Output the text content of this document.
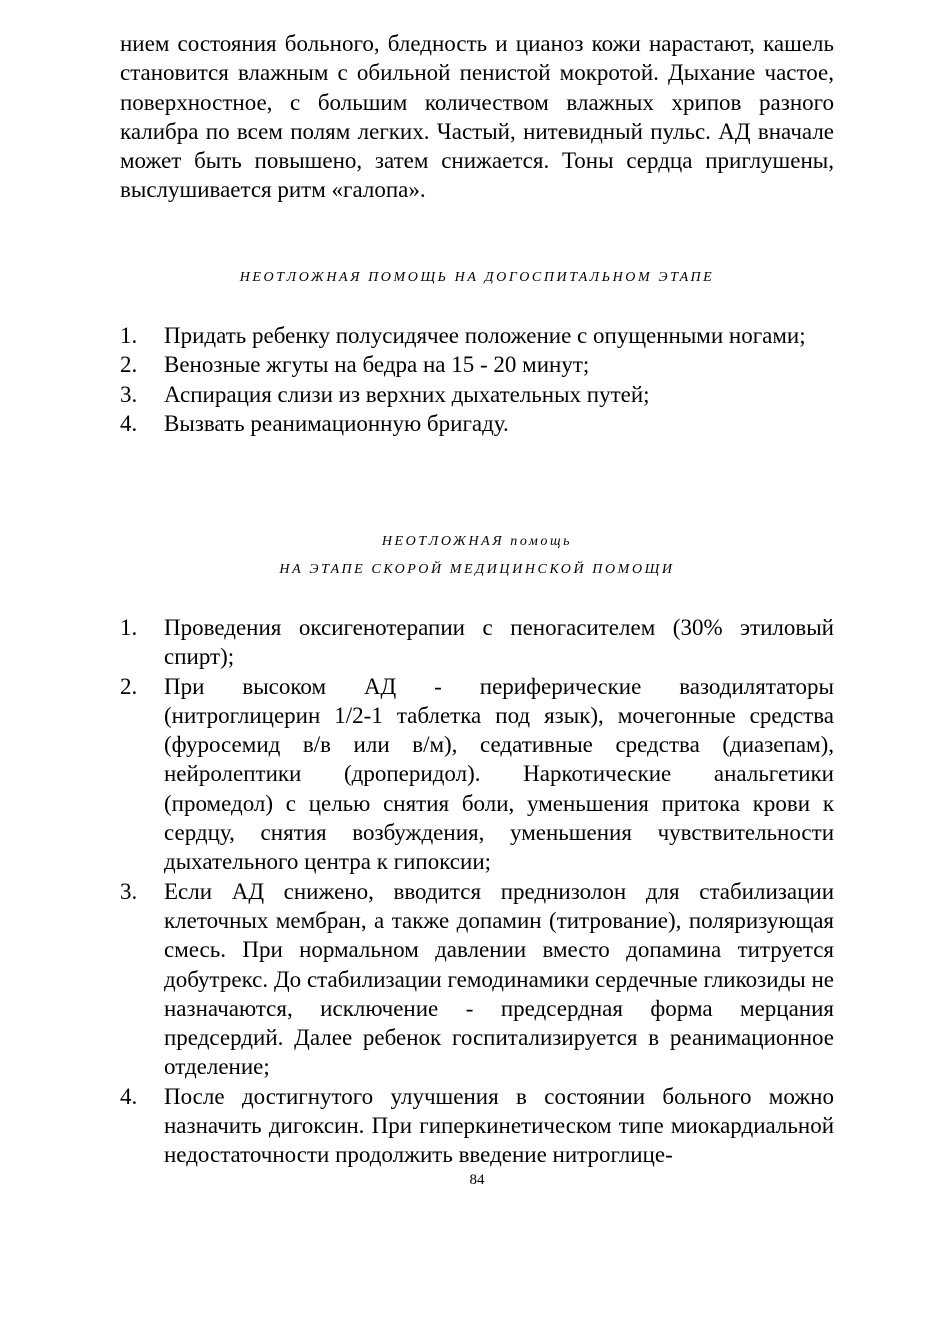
нием состояния больного, бледность и цианоз кожи нарастают, кашель становится влажным с обильной пенистой мокротой. Дыхание частое, поверхностное, с большим количеством влажных хрипов разного калибра по всем полям легких. Частый, нитевидный пульс. АД вначале может быть повышено, затем снижается. Тоны сердца приглушены, выслушивается ритм «галопа».

НЕОТЛОЖНАЯ ПОМОЩЬ НА ДОГОСПИТАЛЬНОМ ЭТАПЕ

1.	Придать ребенку полусидячее положение с опущенными ногами;
2.	Венозные жгуты на бедра на 15 - 20 минут;
3.	Аспирация слизи из верхних дыхательных путей;
4.	Вызвать реанимационную бригаду.

НЕОТЛОЖНАЯ помощь

НА ЭТАПЕ СКОРОЙ МЕДИЦИНСКОЙ ПОМОЩИ

1.	Проведения оксигенотерапии с пеногасителем (30% этиловый спирт);
2.	При высоком АД - периферические вазодилятаторы (нитроглицерин 1/2-1 таблетка под язык), мочегонные средства (фуросемид в/в или в/м), седативные средства (диазепам), нейролептики (дроперидол). Наркотические анальгетики (промедол) с целью снятия боли, уменьшения притока крови к сердцу, снятия возбуждения, уменьшения чувствительности дыхательного центра к гипоксии;
3.	Если АД снижено, вводится преднизолон для стабилизации клеточных мембран, а также допамин (титрование), поляризующая смесь. При нормальном давлении вместо допамина титруется добутрекс. До стабилизации гемодинамики сердечные гликозиды не назначаются, исключение - предсердная форма мерцания предсердий. Далее ребенок госпитализируется в реанимационное отделение;
4.	После достигнутого улучшения в состоянии больного можно назначить дигоксин. При гиперкинетическом типе миокардиальной недостаточности продолжить введение нитроглице-
84
